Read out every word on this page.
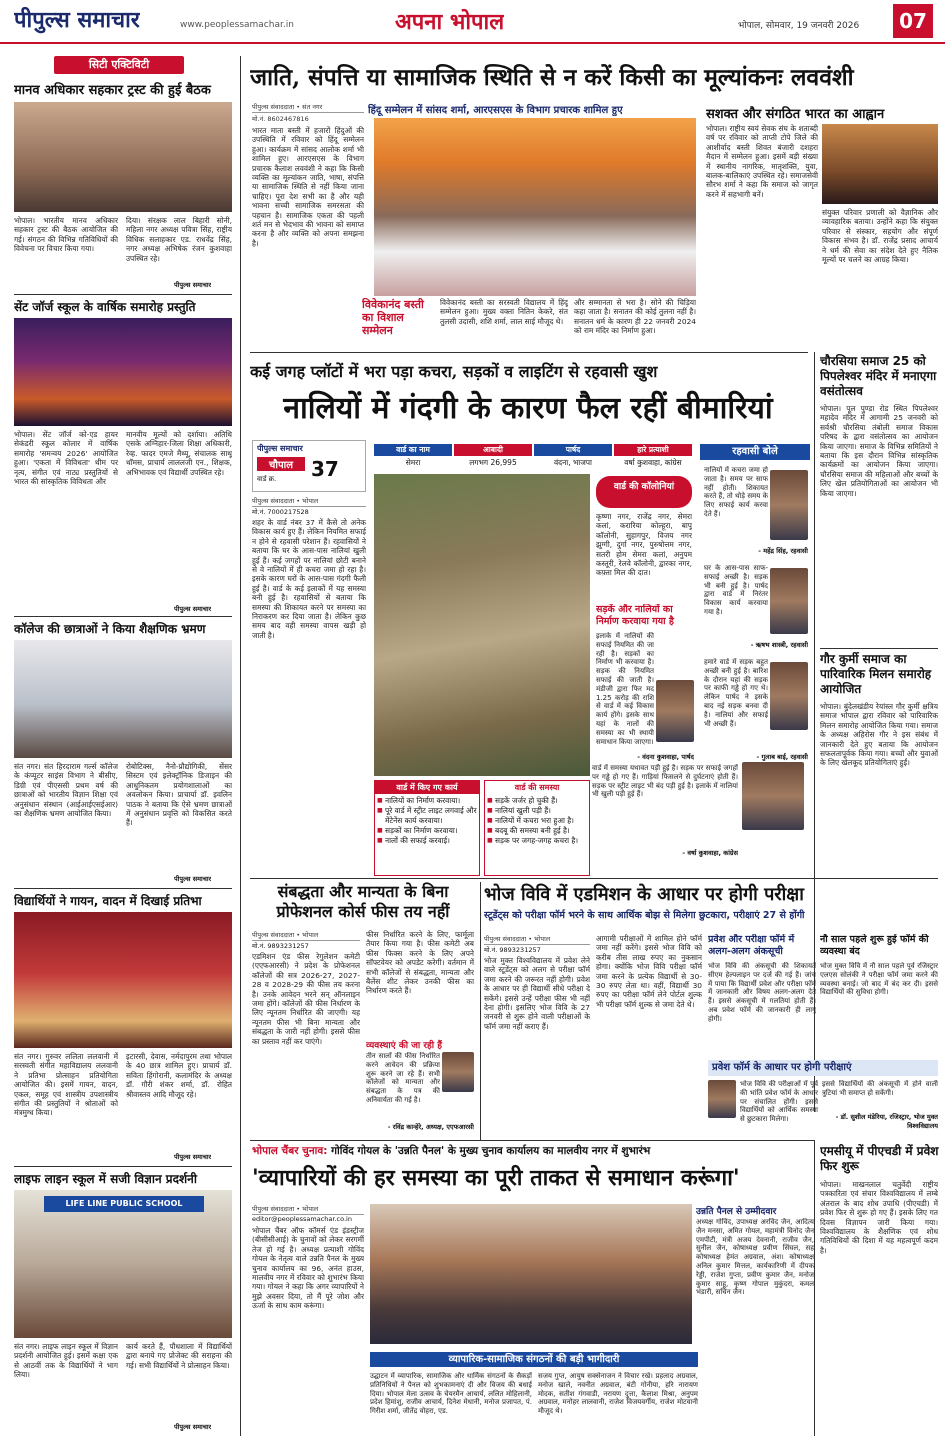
पीपुल्स समाचार	www.peoplessamachar.in	अपना भोपाल	भोपाल, सोमवार, 19 जनवरी 2026	07
सिटी एक्टिविटी
मानव अधिकार सहकार ट्रस्ट की हुई बैठक
भोपाल। भारतीय मानव अधिकार सहकार ट्रस्ट की बैठक आयोजित की गई। संगठन की विभिन्न गतिविधियों की विवेचना पर विचार किया गया।
दिया। संरक्षक लाल बिहारी सोनी, महिला नगर अध्यक्ष पवित्रा सिंह, राष्ट्रीय विधिक सलाहकार एड. राधवेंद्र सिंह, नगर अध्यक्ष अभिषेक रंजन कुशवाहा उपस्थित रहे।
पीपुल्स समाचार
सेंट जॉर्ज स्कूल के वार्षिक समारोह प्रस्तुति
भोपाल। सेंट जॉर्ज को-एड हायर सेकंडरी स्कूल कोलार में वार्षिक समारोह 'समन्वय 2026' आयोजित हुआ। 'एकता में विविधता' थीम पर नृत्य, संगीत एवं नाट्य प्रस्तुतियों से भारत की सांस्कृतिक विविधता और
मानवीय मूल्यों को दर्शाया। अतिथि एसके अग्निहार-जिला शिक्षा अधिकारी, रेव्ह. फादर एमजे मैथ्यू, संचालक साथू थॉमस, प्राचार्य लाललजी एन., शिक्षक, अभिभावक एवं विद्यार्थी उपस्थित रहे।
पीपुल्स समाचार
कॉलेज की छात्राओं ने किया शैक्षणिक भ्रमण
संत नगर। संत हिरदाराम गर्ल्स कॉलेज के कंप्यूटर साइंस विभाग ने बीसीए, डिग्री एवं पीएससी प्रथम वर्ष की छात्राओं को भारतीय विज्ञान शिक्षा एवं अनुसंधान संस्थान (आईआईएसईआर) का शैक्षणिक भ्रमण आयोजित किया।
रोबोटिक्स, नैनो-प्रौद्योगिकी, सेंसर सिस्टम एवं इलेक्ट्रॉनिक डिजाइन की आधुनिकतम प्रयोगशालाओं का अवलोकन किया। प्राचार्या डॉ. इवलिन पाठक ने बताया कि ऐसे भ्रमण छात्राओं में अनुसंधान प्रवृत्ति को विकसित करते हैं।
पीपुल्स समाचार
विद्यार्थियों ने गायन, वादन में दिखाई प्रतिभा
संत नगर। गुरुवर ललिता ललवानी में सरस्वती संगीत महाविद्यालय ललवानी ने प्रतिभा प्रोत्साहन प्रतियोगिता आयोजित की। इसमें गायन, वादन, एकल, समूह एवं शास्त्रीय उपशास्त्रीय संगीत की प्रस्तुतियों ने श्रोताओं को मंत्रमुग्ध किया।
इटारसी, देवास, नर्मदापुरम तथा भोपाल के 40 छात्र शामिल हुए। प्राचार्य डॉ. सविता हिंगोरानी, कलामंदिर के अध्यक्ष डॉ. गौरी शंकर शर्मा, डॉ. रोहित श्रीवास्तव आदि मौजूद रहे।
पीपुल्स समाचार
लाइफ लाइन स्कूल में सजी विज्ञान प्रदर्शनी
LIFE LINE PUBLIC SCHOOL
संत नगर। लाइफ लाइन स्कूल में विज्ञान प्रदर्शनी आयोजित हुई। इसमें कक्षा एक से आठवीं तक के विद्यार्थियों ने भाग लिया।
कार्य करते हैं, पौधशाला में विद्यार्थियों द्वारा बनाये गए प्रोजेक्ट की सराहना की गई। सभी विद्यार्थियों ने प्रोत्साहन किया।
पीपुल्स समाचार
जाति, संपत्ति या सामाजिक स्थिति से न करें किसी का मूल्यांकनः लववंशी
पीपुल्स संवाददाता • संत नगर
मो.नं. 8602467816
हिंदू सम्मेलन में सांसद शर्मा, आरएसएस के विभाग प्रचारक शामिल हुए
भारत माता बस्ती में हजारों हिंदुओं की उपस्थिति में रविवार को हिंदू सम्मेलन हुआ। कार्यक्रम में सांसद आलोक शर्मा भी शामिल हुए। आरएसएस के विभाग प्रचारक कैलाश लववंशी ने कहा कि किसी व्यक्ति का मूल्यांकन जाति, भाषा, संपत्ति या सामाजिक स्थिति से नहीं किया जाना चाहिए। पूरा देश सभी का है और यही भावना सच्ची सामाजिक समरसता की पहचान है। सामाजिक एकता की पहली शर्त मन से भेदभाव की भावना को समाप्त करना है और व्यक्ति को अपना समझना है।
विवेकानंद बस्ती का विशाल सम्मेलन
विवेकानंद बस्ती का सरस्वती विद्यालय में हिंदू सम्मेलन हुआ। मुख्य वक्ता नितिन केकरे, संत तुलसी उदासी, शशि शर्मा, लाल साई मौजूद थे।
और सम्मानता से भरा है। सोने की चिड़िया कहा जाता है। सनातन की कोई तुलना नहीं है। सनातन धर्म के कारण ही 22 जनवरी 2024 को राम मंदिर का निर्माण हुआ।
सशक्त और संगठित भारत का आह्वान
भोपाल। राष्ट्रीय स्वयं सेवक संघ के शताब्दी वर्ष पर रविवार को ताप्ती टोपे जिले की आशीर्वाद बस्ती शिवत बंजारी दशहरा मैदान में सम्मेलन हुआ। इसमें बड़ी संख्या में स्थानीय नागरिक, मातृशक्ति, युवा, बालक-बालिकाएं उपस्थित रहे। समाजसेवी सौरभ शर्मा ने कहा कि समाज को जागृत करने में सहभागी बनें।
संयुक्त परिवार प्रणाली को वैज्ञानिक और व्यावहारिक बताया। उन्होंने कहा कि संयुक्त परिवार से संस्कार, सहयोग और संपूर्ण विकास संभव है। डॉ. राजेंद्र प्रसाद आचार्य ने धर्म की सेवा का संदेश देते हुए नैतिक मूल्यों पर चलने का आग्रह किया।
कई जगह प्लॉटों में भरा पड़ा कचरा, सड़कों व लाइटिंग से रहवासी खुश
नालियों में गंदगी के कारण फैल रहीं बीमारियां
पीपुल्स समाचार
चौपाल
वार्ड क्र. 37
पीपुल्स संवाददाता • भोपाल
मो.नं. 7000217528
शहर के वार्ड नंबर 37 में कैसे तो अनेक विकास कार्य हुए हैं। लेकिन नियमित सफाई न होने से रहवासी परेशान हैं। रहवासियों ने बताया कि घर के आस-पास नालियां खुली हुई हैं। कई जगहों पर नालियां छोटी बनाने से वे नालियों में ही कचरा जमा हो रहा है। इसके कारण घरों के आस-पास गंदगी फैली हुई है। वार्ड के कई इलाकों में यह समस्या बनी हुई है। रहवासियों से बताया कि समस्या की शिकायत करने पर समस्या का निराकरण कर दिया जाता है। लेकिन कुछ समय बाद वही समस्या वापस खड़ी हो जाती है।
वार्ड का नाम	आबादी	पार्षद	हारे प्रत्याशी
सेमरा	लगभग 26,995	वंदना, भाजपा	वर्षा कुशवाहा, कांग्रेस
वार्ड की कॉलोनियां
कृष्णा नगर, राजेंद्र नगर, सेमरा कलां, करारिया कोल्हूरा, बापू कॉलोनी, सुहागपुर, विजय नगर झुग्गी, दुर्गा नगर, पुरुषोत्तम नगर, सतरी होम सेमरा कलां, अनुपम कस्तूरी, रेलवे कॉलोनी, द्वारका नगर, कफ़्ता मिल की दात।
सड़कें और नालियों का निर्माण करवाया गया है
इलाके में नालियों की सफाई नियमित की जा रही है। सड़कों का निर्माण भी करवाया है। सड़क की नियमित सफाई की जाती है। मंडीजी द्वारा फिर मद 1.25 करोड़ की राशि से वार्ड में कई विकास कार्य होंगे। इसके साथ यहां के नालों की समस्या का भी स्थायी समाधान किया जाएगा।
- वंदना कुशवाहा, पार्षद
वार्ड में समस्या यथावत पड़ी हुई है। सड़क पर सफाई जगहों पर गड्ढे हो गए हैं। गाड़ियां फिसलने से दुर्घटनाएं होती हैं। सड़क पर स्ट्रीट लाइट भी बंद पड़ी हुई है। इलाके में नालियां भी खुली पड़ी हुई हैं।
- वर्षा कुशवाहा, कांग्रेस
वार्ड में किए गए कार्य
■ नालियों का निर्माण करवाया।
■ पूरे वार्ड में स्ट्रीट लाइट लगवाई और मेंटेनेंस कार्य करवाया।
■ सड़कों का निर्माण करवाया।
■ नालों की सफाई करवाई।
वार्ड की समस्या
■ सड़कें जर्जर हो चुकी हैं।
■ नालियां खुली पड़ी हैं।
■ नालियों में कचरा भरा हुआ है।
■ बदबू की समस्या बनी हुई है।
■ सड़क पर जगह-जगह कचरा है।
रहवासी बोले
नालियों में कचरा जमा हो जाता है। समय पर साफ नहीं होती। शिकायत करते हैं, तो थोड़े समय के लिए सफाई कार्य करवा देते हैं।
- महेंद्र सिंह, रहवासी
घर के आस-पास साफ-सफाई अच्छी है। सड़क भी बनी हुई है। पार्षद द्वारा वार्ड में निरंतर विकास कार्य करवाया गया है।
- ऋषभ शास्त्री, रहवासी
हमारे वार्ड में सड़क बहुत अच्छी बनी हुई है। बारिश के दौरान यहां की सड़क पर काफी गड्ढे हो गए थे। लेकिन पार्षद ने इसके बाद नई सड़क बनवा दी है। नालियां और सफाई भी अच्छी हैं।
- गुलाब बाई, रहवासी
चौरसिया समाज 25 को पिपलेश्वर मंदिर में मनाएगा वसंतोत्सव
भोपाल। पूल पुण्डा रोड स्थित पिपलेश्वर महादेव मंदिर में आगामी 25 जनवरी को सर्वश्री चौरसिया तंबोली समाज विकास परिषद के द्वारा वसंतोत्सव का आयोजन किया जाएगा। समाज के विभिन्न समितियों ने बताया कि इस दौरान विभिन्न सांस्कृतिक कार्यक्रमों का आयोजन किया जाएगा। चौरसिया समाज की महिलाओं और बच्चों के लिए खेल प्रतियोगिताओं का आयोजन भी किया जाएगा।
गौर कुर्मी समाज का पारिवारिक मिलन समारोह आयोजित
भोपाल। बुंदेलखंडीय रेयांस्ल गौर कुर्मी क्षत्रिय समाज भोपाल द्वारा रविवार को पारिवारिक मिलन समारोह आयोजित किया गया। समाज के अध्यक्ष अहिरोस गौर ने इस संबंध में जानकारी देते हुए बताया कि आयोजन सफलतापूर्वक किया गया। बच्चों और युवाओं के लिए खेलकूद प्रतियोगिताएं हुईं।
संबद्धता और मान्यता के बिना प्रोफेशनल कोर्स फीस तय नहीं
पीपुल्स संवाददाता • भोपाल
मो.नं. 9893231257
एडमिशन एंड फीस रेगुलेशन कमेटी (एएफआरसी) ने प्रदेश के प्रोफेशनल कॉलेजों की सत्र 2026-27, 2027-28 व 2028-29 की फीस तय करना है। उनके आवेदन भरने सन् ऑनलाइन जमा होंगे। कॉलेजों की फीस निर्धारण के लिए न्यूनतम निर्धारित की जाएगी। यह न्यूनतम फीस भी बिना मान्यता और संबद्धता के जारी नहीं होगी। इससे फीस का प्रस्ताव नहीं कर पाएंगे।
फीस निर्धारित करने के लिए, फार्मूला तैयार किया गया है। फीस कमेटी अब फीस फिक्स करने के लिए अपने सॉफ्टवेयर को अपडेट करेगी। वर्तमान में सभी कॉलेजों से संबद्धता, मान्यता और बैलेंस शीट लेकर उनकी फीस का निर्धारण करते हैं।
व्यवस्थाएं की जा रही हैं
तीन सालों की फीस निर्धारित करने आवेदन की प्रक्रिया शुरू करने जा रहे हैं। सभी कॉलेजों को मान्यता और संबद्धता के पत्र की अनिवार्यता की गई है।
- रविंद्र कान्हेरे, अध्यक्ष, एएफआरसी
भोज विवि में एडमिशन के आधार पर होगी परीक्षा
स्टूडेंट्स को परीक्षा फॉर्म भरने के साथ आर्थिक बोझ से मिलेगा छुटकारा, परीक्षाएं 27 से होंगी
पीपुल्स संवाददाता • भोपाल
मो.नं. 9893231257
भोज मुक्त विश्वविद्यालय में प्रवेश लेने वाले स्टूडेंट्स को अलग से परीक्षा फॉर्म जमा करने की जरूरत नहीं होगी। प्रवेश के आधार पर ही विद्यार्थी सीधे परीक्षा दे सकेंगे। इससे उन्हें परीक्षा फीस भी नहीं देना होगी। इसलिए भोज विवि के 27 जनवरी से शुरू होने वाली परीक्षाओं के फॉर्म जमा नहीं कराए हैं।
आगामी परीक्षाओं में शामिल होने फॉर्म जमा नहीं करेंगे। इससे भोज विवि को करीब तीस लाख रुपए का नुकसान होगा। क्योंकि भोज विवि परीक्षा फॉर्म जमा करने के प्रत्येक विद्यार्थी से 30-30 रुपए लेता था। वहीं, विद्यार्थी 30 रुपए का परीक्षा फॉर्म लेने पोर्टल शुल्क भी परीक्षा फॉर्म शुल्क से जमा देते थे।
प्रवेश और परीक्षा फॉर्म में अलग-अलग अंकसूची
भोज विवि की अंकसूची की शिकायतें सीएम हेल्पलाइन पर दर्ज की गई हैं। जांच में पाया कि विद्यार्थी प्रवेश और परीक्षा फॉर्म में जानकारी और विषय अलग-अलग देते हैं। इससे अंकसूची में गलतियां होती हैं। अब प्रवेश फॉर्म की जानकारी ही लागू होगी।
नौ साल पहले शुरू हुई फॉर्म की व्यवस्था बंद
भोज मुक्त विवि में नौ साल पहले पूर्व रजिस्ट्रार एलएस सोलंकी ने परीक्षा फॉर्म जमा करने की व्यवस्था बनाई। जो बाद में बंद कर दी। इससे विद्यार्थियों की सुविधा होगी।
प्रवेश फॉर्म के आधार पर होगी परीक्षाएं
भोज विवि की परीक्षाओं में पूर्व की भांति प्रवेश फॉर्म के आधार पर संचालित होंगी। इससे विद्यार्थियों को आर्थिक समस्या से छुटकारा मिलेगा।
इससे विद्यार्थियों की अंकसूची में होने वाली त्रुटियां भी समाप्त हो सकेंगी।
- डॉ. सुशील मंडेरिया, रजिस्ट्रार, भोज मुक्त विश्वविद्यालय
भोपाल चैंबर चुनाव: गोविंद गोयल के 'उन्नति पैनल' के मुख्य चुनाव कार्यालय का मालवीय नगर में शुभारंभ
'व्यापारियों की हर समस्या का पूरी ताकत से समाधान करूंगा'
पीपुल्स संवाददाता • भोपाल
editor@peoplessamachar.co.in
भोपाल चैंबर ऑफ कॉमर्स एंड इंडस्ट्रीज (बीसीसीआई) के चुनावों को लेकर सरगर्मी तेज हो गई है। अध्यक्ष प्रत्याशी गोविंद गोयल के नेतृत्व वाले उन्नति पैनल के मुख्य चुनाव कार्यालय का 96, अनंत हाउस, मालवीय नगर में रविवार को शुभारंभ किया गया। गोयल ने कहा कि अगर व्यापारियों ने मुझे अवसर दिया, तो मैं पूरे जोश और ऊर्जा के साथ काम करूंगा।
उन्नति पैनल से उम्मीदवार
अध्यक्ष गोविंद, उपाध्यक्ष अरविंद जैन, आदित्य जैन मनसा, अमित गोयल, महामंत्री विनोद जैन एमपीटी, मंत्री अजय देवनानी, राजीव जैन, सुनील जैन, कोषाध्यक्ष प्रवीण सिंघल, सह कोषाध्यक्ष हेमंत अग्रवाल, अंश। कोषाध्यक्ष अनिल कुमार मित्तल, कार्यकारिणी में दीपक रेड्डी, राजेश गुप्ता, प्रवीण कुमार जैन, मनोज कुमार साहू, कृष्ण गोपाल मुकुंदरा, कमल भंडारी, सचिन जैन।
व्यापारिक-सामाजिक संगठनों की बड़ी भागीदारी
उद्घाटन में व्यापारिक, सामाजिक और धार्मिक संगठनों के सैकड़ों प्रतिनिधियों ने पैनल को शुभकामनाएं दी और विजय की बधाई दिया। भोपाल मेला उत्सव के चेयरमैन आचार्य, ललित मोहिलानी, प्रदेश हिमांशु, राजीव आचार्य, दिनेश मेधानी, मनोज प्रजापत, पं. गिरीश शर्मा, जीतेंद्र वोहरा, एड.
सजय गुप्त, आयुष सक्सेनाजन ने विचार रखे। प्रहलाद अग्रवाल, मनोज खाले, नवनीत अग्रवाल, बंटी गोनीया, हरि नारायण मोदक, सतीश गंगवाडी, नरायण दुत्ता, कैलाश मिश्रा, अनुपम अग्रवाल, मनोहर लालवानी, राजेश विजयवर्गीय, राजेश मोटवानी मौजूद थे।
एमसीयू में पीएचडी में प्रवेश फिर शुरू
भोपाल। माखनलाल चतुर्वेदी राष्ट्रीय पत्रकारिता एवं संचार विश्वविद्यालय में लम्बे अंतराल के बाद शोध उपाधि (पीएचडी) में प्रवेश फिर से शुरू हो गए हैं। इसके लिए गत दिवस विज्ञापन जारी किया गया। विश्वविद्यालय के शैक्षणिक एवं शोध गतिविधियों की दिशा में यह महत्वपूर्ण कदम है।
